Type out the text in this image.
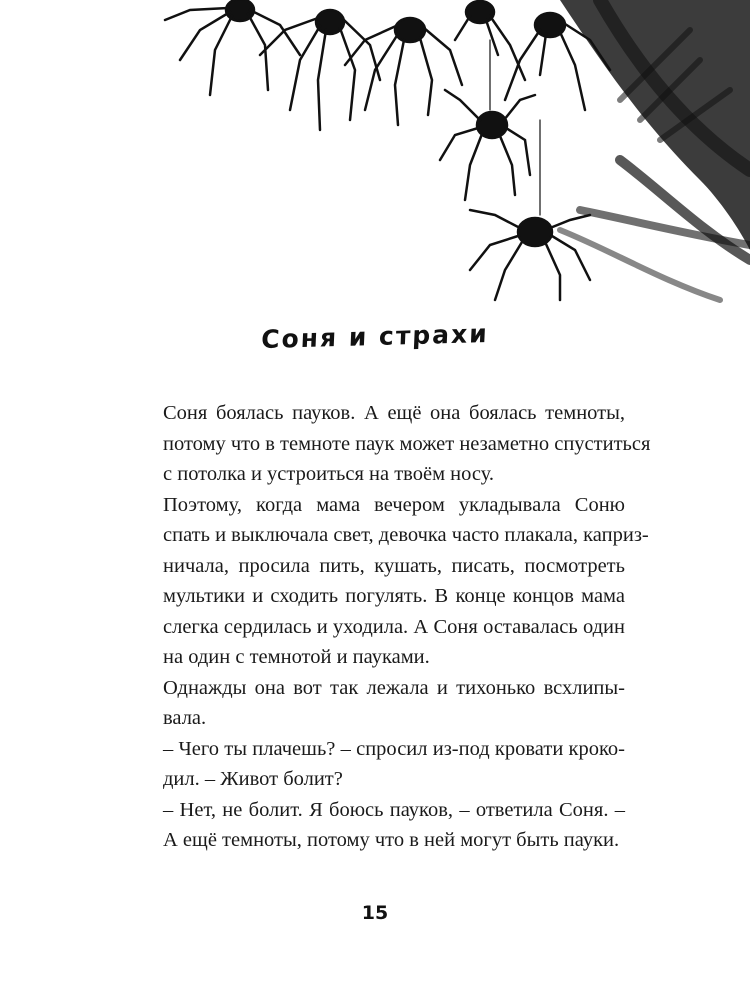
Соня и страхи

Соня боялась пауков. А ещё она боялась темноты,
потому что в темноте паук может незаметно спуститься
с потолка и устроиться на твоём носу.

Поэтому, когда мама вечером укладывала Соню
спать и выключала свет, девочка часто плакала, каприз-
ничала, просила пить, кушать, писать, посмотреть
мультики и сходить погулять. В конце концов мама
слегка сердилась и уходила. А Соня оставалась один
на один с темнотой и пауками.

Однажды она вот так лежала и тихонько всхлипы-
вала.

– Чего ты плачешь? – спросил из-под кровати кроко-
дил. – Живот болит?

– Нет, не болит. Я боюсь пауков, – ответила Соня. –
А ещё темноты, потому что в ней могут быть пауки.

15
